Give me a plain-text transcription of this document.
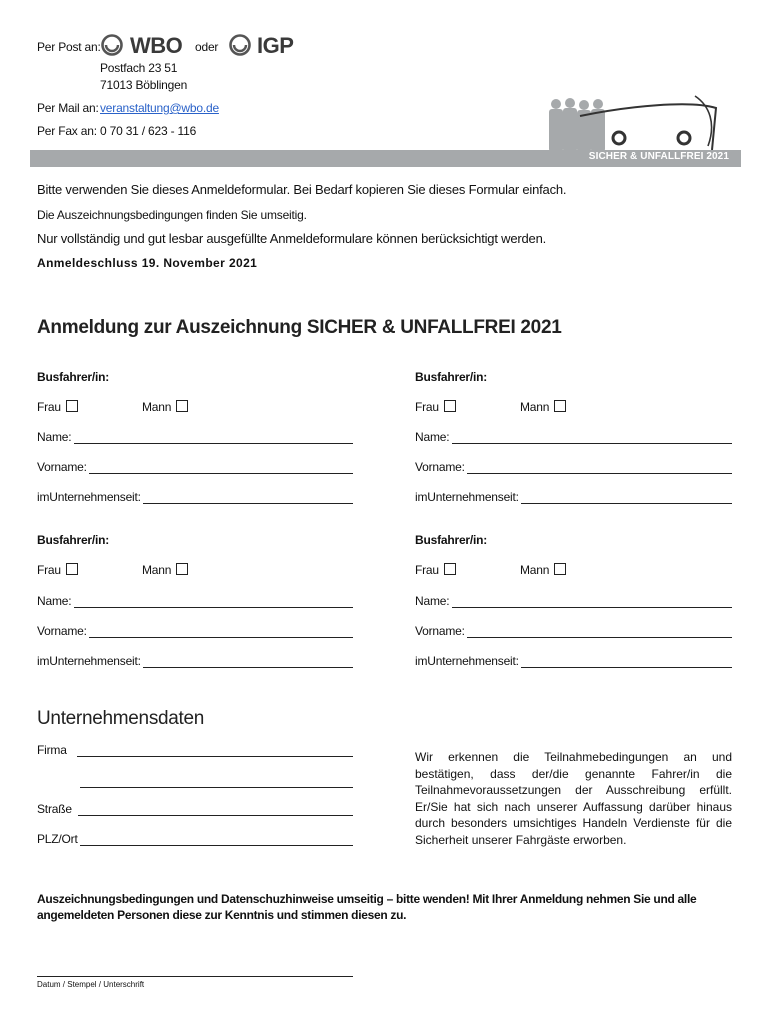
Per Post an: WBO oder IGP
Postfach 23 51
71013 Böblingen
Per Mail an: veranstaltung@wbo.de
Per Fax an: 0 70 31 / 623 - 116
SICHER & UNFALLFREI 2021
Bitte verwenden Sie dieses Anmeldeformular. Bei Bedarf kopieren Sie dieses Formular einfach.
Die Auszeichnungsbedingungen finden Sie umseitig.
Nur vollständig und gut lesbar ausgefüllte Anmeldeformulare können berücksichtigt werden.
Anmeldeschluss 19. November 2021
Anmeldung zur Auszeichnung SICHER & UNFALLFREI 2021
Busfahrer/in:
Frau	Mann
Name:
Vorname:
imUnternehmenseit:
Busfahrer/in:
Frau	Mann
Name:
Vorname:
imUnternehmenseit:
Busfahrer/in:
Frau	Mann
Name:
Vorname:
imUnternehmenseit:
Busfahrer/in:
Frau	Mann
Name:
Vorname:
imUnternehmenseit:
Unternehmensdaten
Firma
Straße
PLZ/Ort
Wir erkennen die Teilnahmebedingungen an und bestätigen, dass der/die genannte Fahrer/in die Teilnahmevoraussetzungen der Ausschreibung erfüllt. Er/Sie hat sich nach unserer Auffassung darüber hinaus durch besonders umsichtiges Handeln Verdienste für die Sicherheit unserer Fahrgäste erworben.
Auszeichnungsbedingungen und Datenschuzhinweise umseitig – bitte wenden! Mit Ihrer Anmeldung nehmen Sie und alle angemeldeten Personen diese zur Kenntnis und stimmen diesen zu.
Datum / Stempel / Unterschrift
